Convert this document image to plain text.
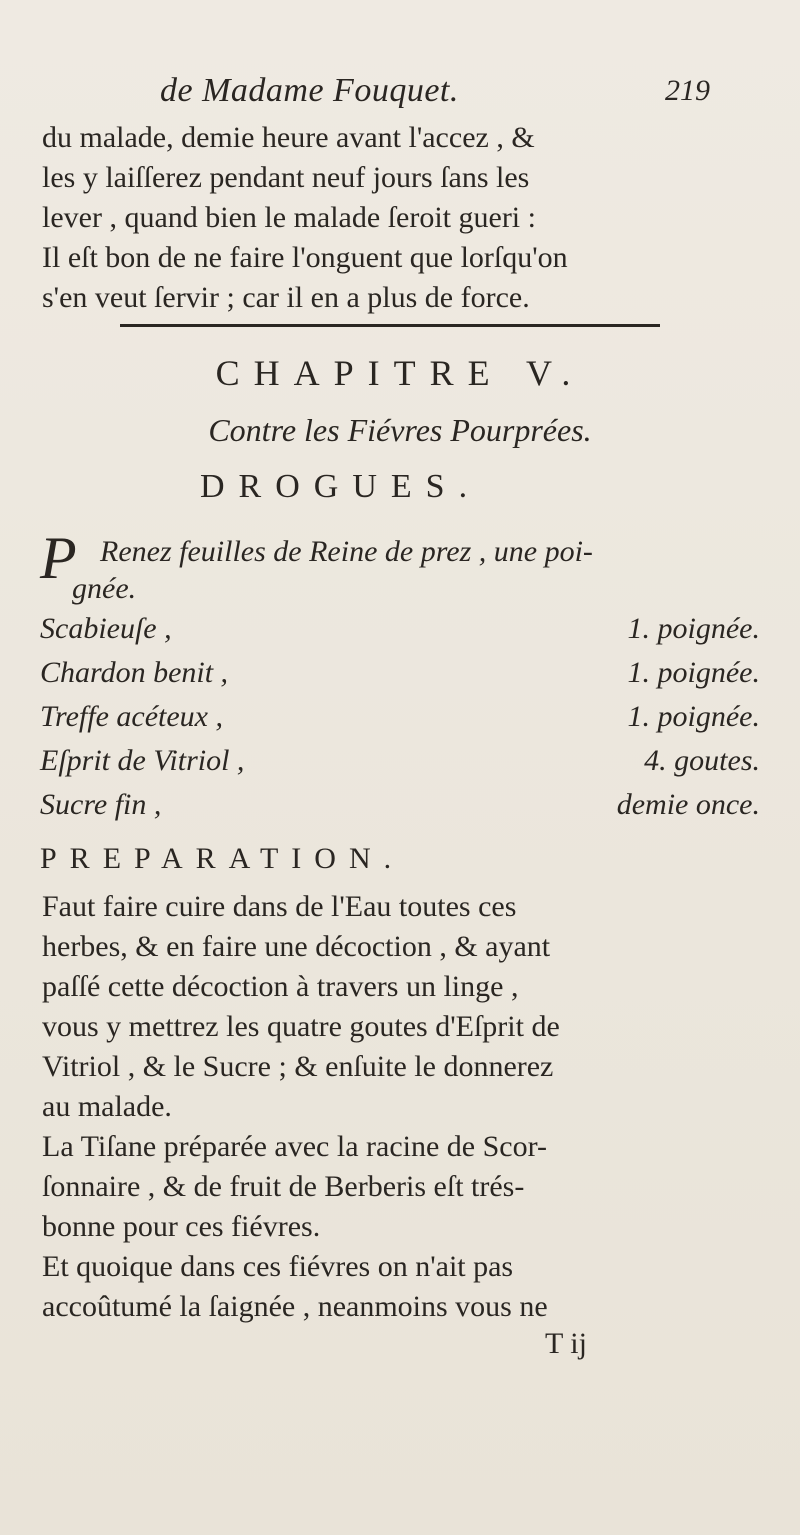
de Madame Fouquet.	219
du malade, demie heure avant l'accez , &
les y laiſſerez pendant neuf jours ſans les
lever , quand bien le malade ſeroit gueri :
Il eſt bon de ne faire l'onguent que lorſqu'on
s'en veut ſervir ; car il en a plus de force.
CHAPITRE V.
Contre les Fiévres Pourprées.
DROGUES.
P Renez feuilles de Reine de prez , une poi-
gnée.
Scabieuſe ,	1. poignée.
Chardon benit ,	1. poignée.
Treffe acéteux ,	1. poignée.
Eſprit de Vitriol ,	4. goutes.
Sucre fin ,	demie once.
PREPARATION.
Faut faire cuire dans de l'Eau toutes ces
herbes, & en faire une décoction , & ayant
paſſé cette décoction à travers un linge ,
vous y mettrez les quatre goutes d'Eſprit de
Vitriol , & le Sucre ; & enſuite le donnerez
au malade.
La Tiſane préparée avec la racine de Scor-
ſonnaire , & de fruit de Berberis eſt trés-
bonne pour ces fiévres.
Et quoique dans ces fiévres on n'ait pas
accoûtumé la ſaignée , neanmoins vous ne
T ij
